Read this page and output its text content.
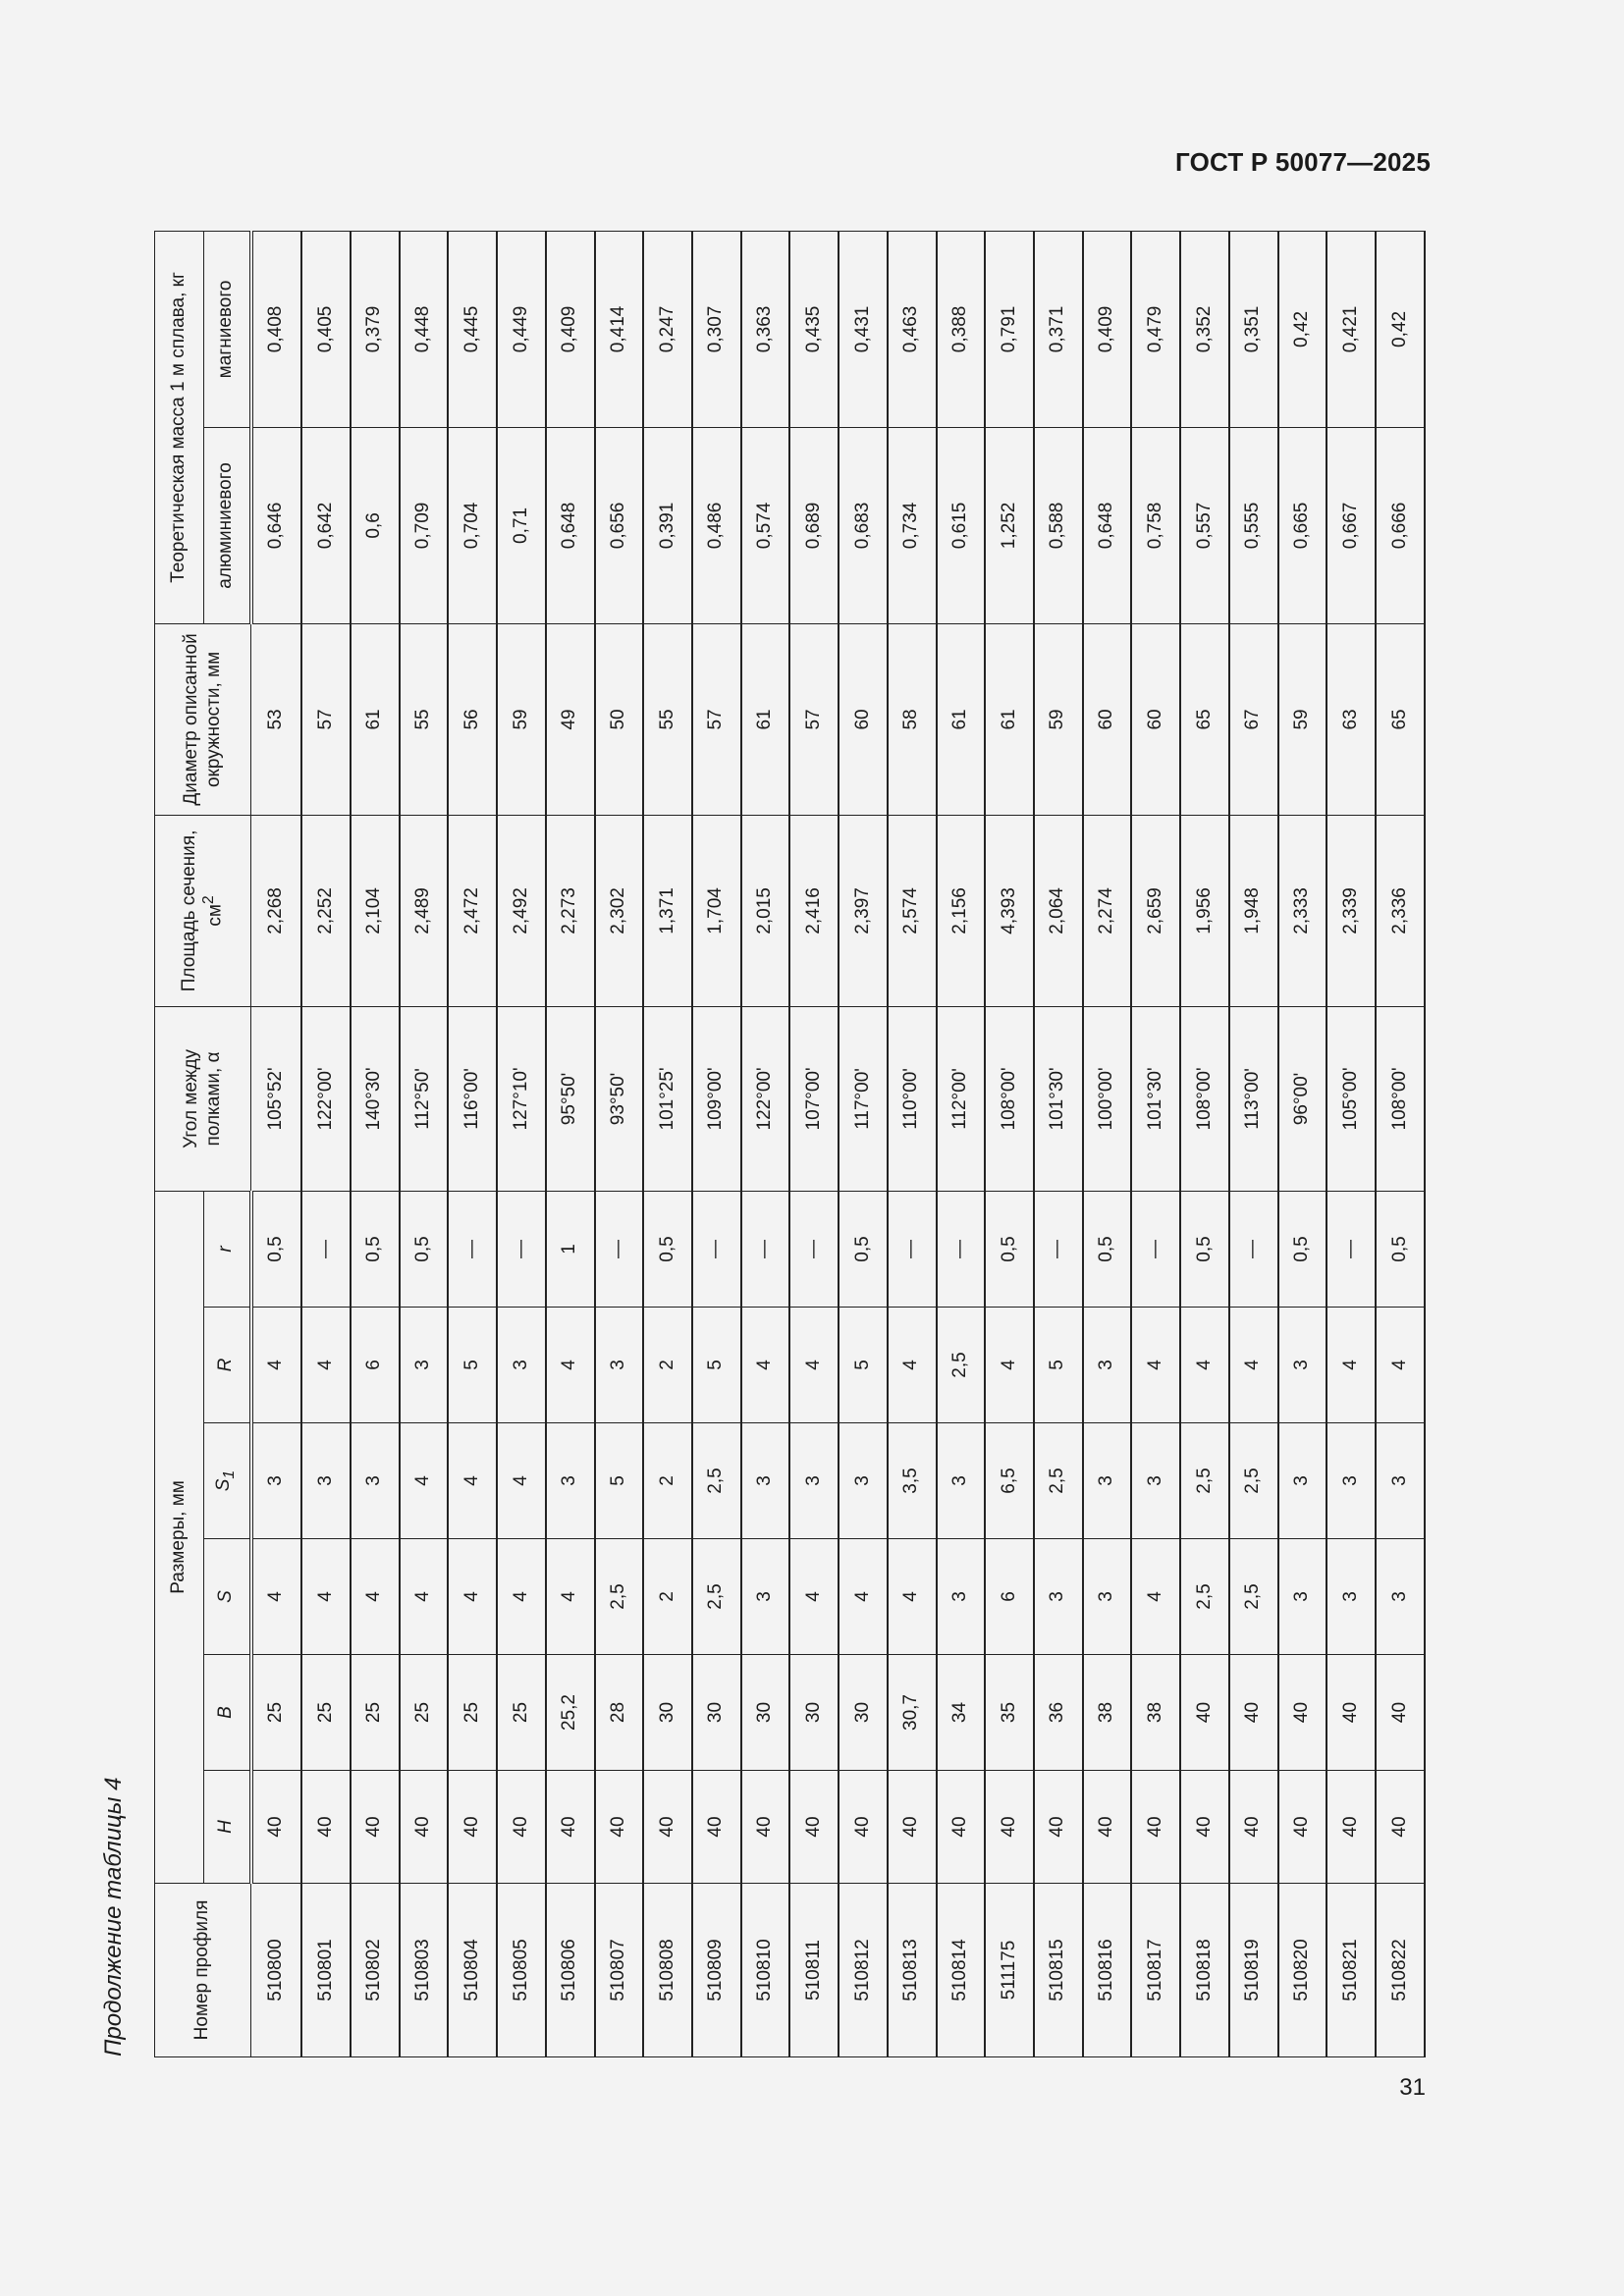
ГОСТ Р 50077—2025
Продолжение таблицы 4
31
Номер профиля	Размеры, мм						Угол между полками, α	Площадь сечения, $см^2$	Диаметр описанной окружности, мм	Теоретическая масса 1 м сплава, кг	
	H	B	S	$S_1$	R	r				алюминиевого	магниевого
510800	40	25	4	3	4	0,5	105°52'	2,268	53	0,646	0,408
510801	40	25	4	3	4	—	122°00'	2,252	57	0,642	0,405
510802	40	25	4	3	6	0,5	140°30'	2,104	61	0,6	0,379
510803	40	25	4	4	3	0,5	112°50'	2,489	55	0,709	0,448
510804	40	25	4	4	5	—	116°00'	2,472	56	0,704	0,445
510805	40	25	4	4	3	—	127°10'	2,492	59	0,71	0,449
510806	40	25,2	4	3	4	1	95°50'	2,273	49	0,648	0,409
510807	40	28	2,5	5	3	—	93°50'	2,302	50	0,656	0,414
510808	40	30	2	2	2	0,5	101°25'	1,371	55	0,391	0,247
510809	40	30	2,5	2,5	5	—	109°00'	1,704	57	0,486	0,307
510810	40	30	3	3	4	—	122°00'	2,015	61	0,574	0,363
510811	40	30	4	3	4	—	107°00'	2,416	57	0,689	0,435
510812	40	30	4	3	5	0,5	117°00'	2,397	60	0,683	0,431
510813	40	30,7	4	3,5	4	—	110°00'	2,574	58	0,734	0,463
510814	40	34	3	3	2,5	—	112°00'	2,156	61	0,615	0,388
511175	40	35	6	6,5	4	0,5	108°00'	4,393	61	1,252	0,791
510815	40	36	3	2,5	5	—	101°30'	2,064	59	0,588	0,371
510816	40	38	3	3	3	0,5	100°00'	2,274	60	0,648	0,409
510817	40	38	4	3	4	—	101°30'	2,659	60	0,758	0,479
510818	40	40	2,5	2,5	4	0,5	108°00'	1,956	65	0,557	0,352
510819	40	40	2,5	2,5	4	—	113°00'	1,948	67	0,555	0,351
510820	40	40	3	3	3	0,5	96°00'	2,333	59	0,665	0,42
510821	40	40	3	3	4	—	105°00'	2,339	63	0,667	0,421
510822	40	40	3	3	4	0,5	108°00'	2,336	65	0,666	0,42
